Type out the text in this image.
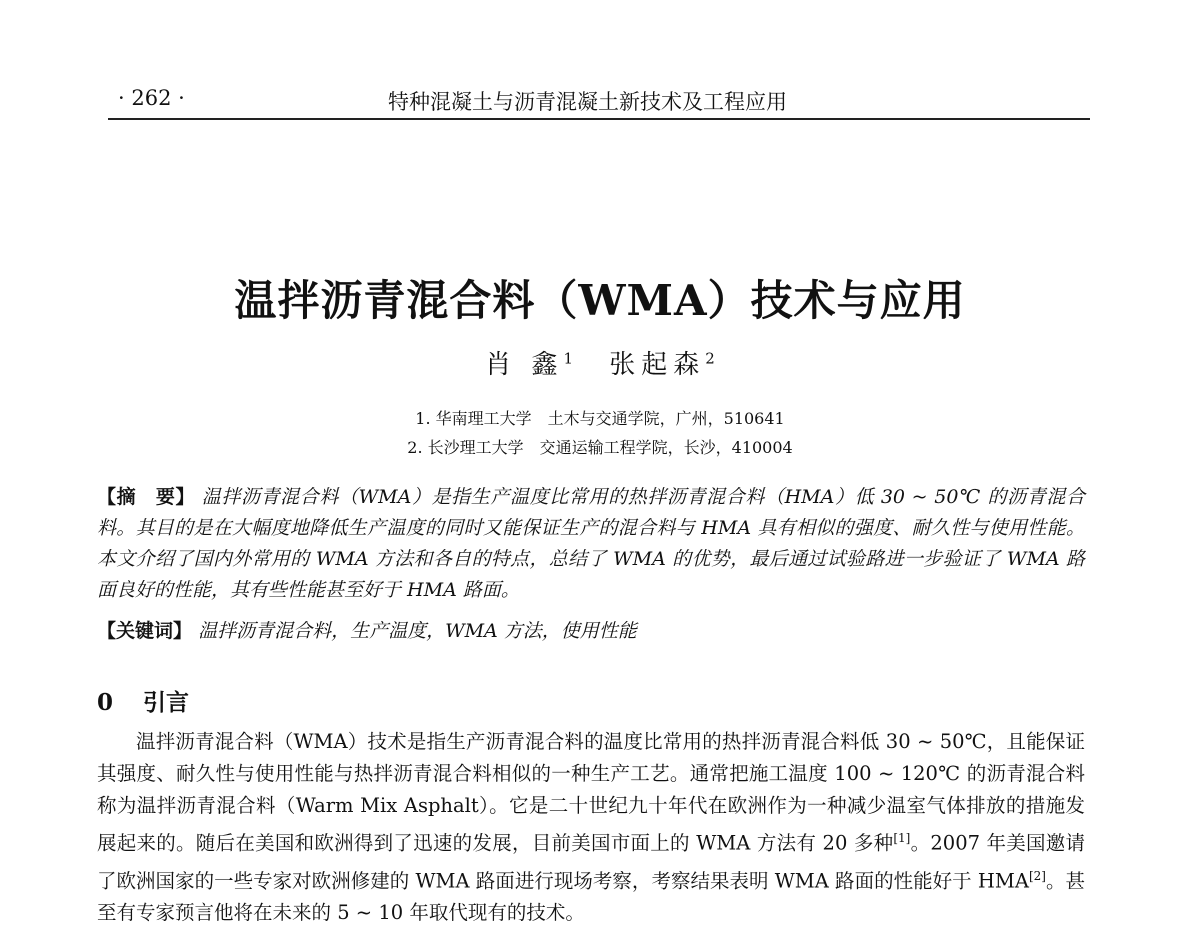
· 262 ·	特种混凝土与沥青混凝土新技术及工程应用
温拌沥青混合料（WMA）技术与应用
肖 鑫$^1$ 张起森$^2$
1. 华南理工大学　土木与交通学院，广州，510641
2. 长沙理工大学　交通运输工程学院，长沙，410004
【摘　要】 温拌沥青混合料（WMA）是指生产温度比常用的热拌沥青混合料（HMA）低 30 ~ 50℃ 的沥青混合料。其目的是在大幅度地降低生产温度的同时又能保证生产的混合料与 HMA 具有相似的强度、耐久性与使用性能。本文介绍了国内外常用的 WMA 方法和各自的特点，总结了 WMA 的优势，最后通过试验路进一步验证了 WMA 路面良好的性能，其有些性能甚至好于 HMA 路面。
【关键词】 温拌沥青混合料，生产温度，WMA 方法，使用性能
0 引言

温拌沥青混合料（WMA）技术是指生产沥青混合料的温度比常用的热拌沥青混合料低 30 ~ 50℃，且能保证其强度、耐久性与使用性能与热拌沥青混合料相似的一种生产工艺。通常把施工温度 100 ~ 120℃ 的沥青混合料称为温拌沥青混合料（Warm Mix Asphalt）。它是二十世纪九十年代在欧洲作为一种减少温室气体排放的措施发展起来的。随后在美国和欧洲得到了迅速的发展，目前美国市面上的 WMA 方法有 20 多种[1]。2007 年美国邀请了欧洲国家的一些专家对欧洲修建的 WMA 路面进行现场考察，考察结果表明 WMA 路面的性能好于 HMA[2]。甚至有专家预言他将在未来的 5 ~ 10 年取代现有的技术。
